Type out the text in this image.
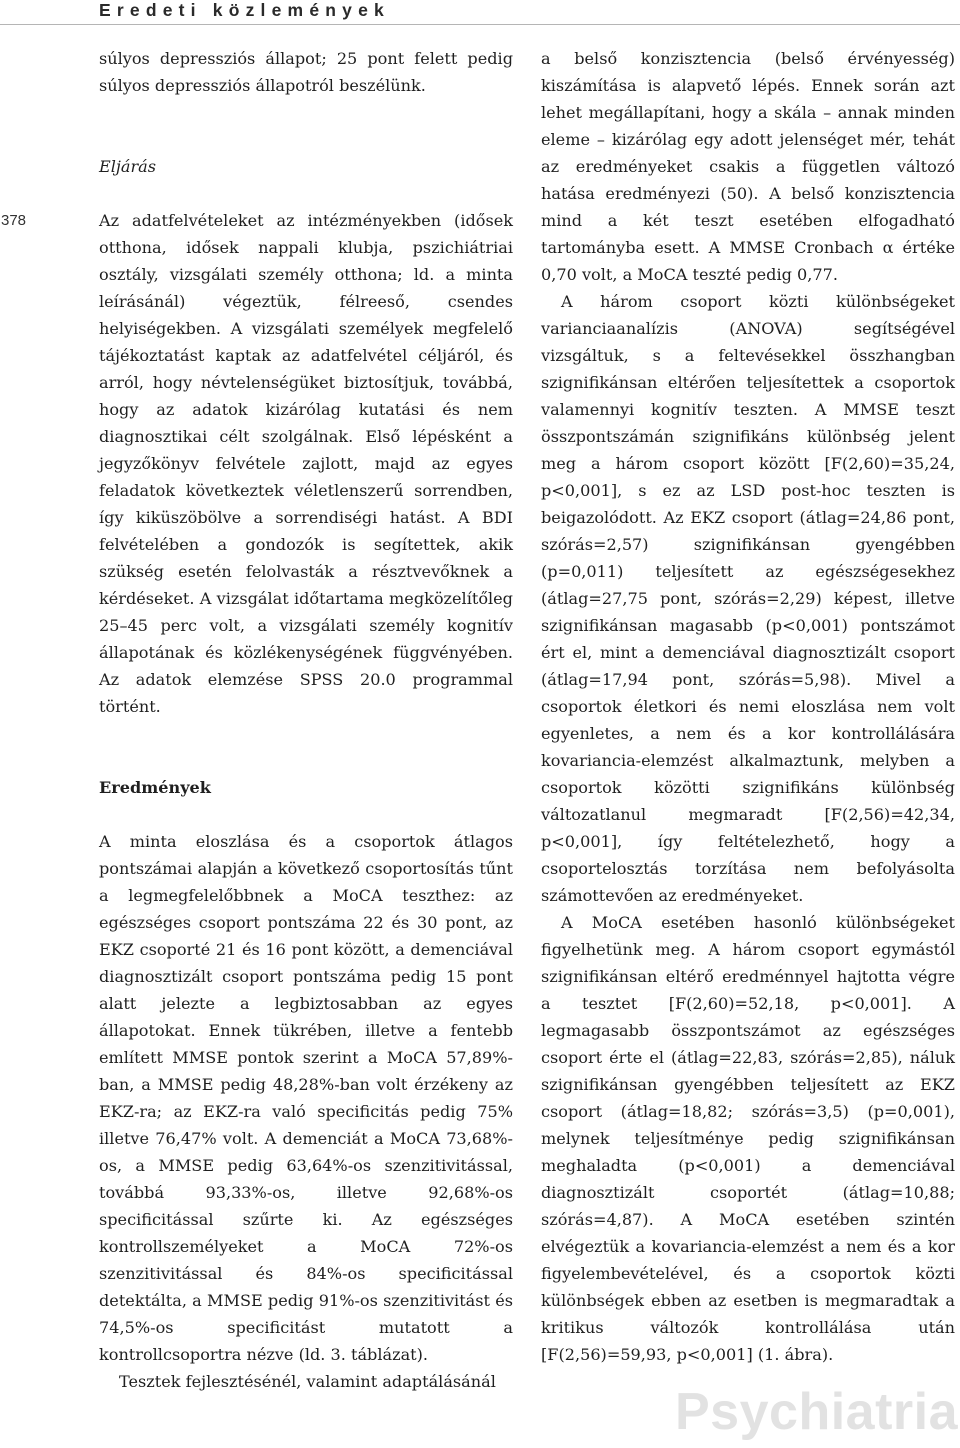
Eredeti közlemények
378

súlyos depressziós állapot; 25 pont felett pedig súlyos depressziós állapotról beszélünk.

Eljárás

Az adatfelvételeket az intézményekben (idősek otthona, idősek nappali klubja, pszichiátriai osztály, vizsgálati személy otthona; ld. a minta leírásánál) végeztük, félreeső, csendes helyiségekben. A vizsgálati személyek megfelelő tájékoztatást kaptak az adatfelvétel céljáról, és arról, hogy névtelenségüket biztosítjuk, továbbá, hogy az adatok kizárólag kutatási és nem diagnosztikai célt szolgálnak. Első lépésként a jegyzőkönyv felvétele zajlott, majd az egyes feladatok következtek véletlenszerű sorrendben, így kiküszöbölve a sorrendiségi hatást. A BDI felvételében a gondozók is segítettek, akik szükség esetén felolvasták a résztvevőknek a kérdéseket. A vizsgálat időtartama megközelítőleg 25–45 perc volt, a vizsgálati személy kognitív állapotának és közlékenységének függvényében. Az adatok elemzése SPSS 20.0 programmal történt.

Eredmények

A minta eloszlása és a csoportok átlagos pontszámai alapján a következő csoportosítás tűnt a legmegfelelőbbnek a MoCA teszthez: az egészséges csoport pontszáma 22 és 30 pont, az EKZ csoporté 21 és 16 pont között, a demenciával diagnosztizált csoport pontszáma pedig 15 pont alatt jelezte a legbiztosabban az egyes állapotokat. Ennek tükrében, illetve a fentebb említett MMSE pontok szerint a MoCA 57,89%-ban, a MMSE pedig 48,28%-ban volt érzékeny az EKZ-ra; az EKZ-ra való specificitás pedig 75% illetve 76,47% volt. A demenciát a MoCA 73,68%-os, a MMSE pedig 63,64%-os szenzitivitással, továbbá 93,33%-os, illetve 92,68%-os specificitással szűrte ki. Az egészséges kontrollszemélyeket a MoCA 72%-os szenzitivitással és 84%-os specificitással detektálta, a MMSE pedig 91%-os szenzitivitást és 74,5%-os specificitást mutatott a kontrollcsoportra nézve (ld. 3. táblázat).

Tesztek fejlesztésénél, valamint adaptálásánál

a belső konzisztencia (belső érvényesség) kiszámítása is alapvető lépés. Ennek során azt lehet megállapítani, hogy a skála – annak minden eleme – kizárólag egy adott jelenséget mér, tehát az eredményeket csakis a független változó hatása eredményezi (50). A belső konzisztencia mind a két teszt esetében elfogadható tartományba esett. A MMSE Cronbach α értéke 0,70 volt, a MoCA teszté pedig 0,77.

A három csoport közti különbségeket varianciaanalízis (ANOVA) segítségével vizsgáltuk, s a feltevésekkel összhangban szignifikánsan eltérően teljesítettek a csoportok valamennyi kognitív teszten. A MMSE teszt összpontszámán szignifikáns különbség jelent meg a három csoport között [F(2,60)=35,24, p<0,001], s ez az LSD post-hoc teszten is beigazolódott. Az EKZ csoport (átlag=24,86 pont, szórás=2,57) szignifikánsan gyengébben (p=0,011) teljesített az egészségesekhez (átlag=27,75 pont, szórás=2,29) képest, illetve szignifikánsan magasabb (p<0,001) pontszámot ért el, mint a demenciával diagnosztizált csoport (átlag=17,94 pont, szórás=5,98). Mivel a csoportok életkori és nemi eloszlása nem volt egyenletes, a nem és a kor kontrollálására kovariancia-elemzést alkalmaztunk, melyben a csoportok közötti szignifikáns különbség változatlanul megmaradt [F(2,56)=42,34, p<0,001], így feltételezhető, hogy a csoportelosztás torzítása nem befolyásolta számottevően az eredményeket.

A MoCA esetében hasonló különbségeket figyelhetünk meg. A három csoport egymástól szignifikánsan eltérő eredménnyel hajtotta végre a tesztet [F(2,60)=52,18, p<0,001]. A legmagasabb összpontszámot az egészséges csoport érte el (átlag=22,83, szórás=2,85), náluk szignifikánsan gyengébben teljesített az EKZ csoport (átlag=18,82; szórás=3,5) (p=0,001), melynek teljesítménye pedig szignifikánsan meghaladta (p<0,001) a demenciával diagnosztizált csoportét (átlag=10,88; szórás=4,87). A MoCA esetében szintén elvégeztük a kovariancia-elemzést a nem és a kor figyelembevételével, és a csoportok közti különbségek ebben az esetben is megmaradtak a kritikus változók kontrollálása után [F(2,56)=59,93, p<0,001] (1. ábra).

Psychiatria
